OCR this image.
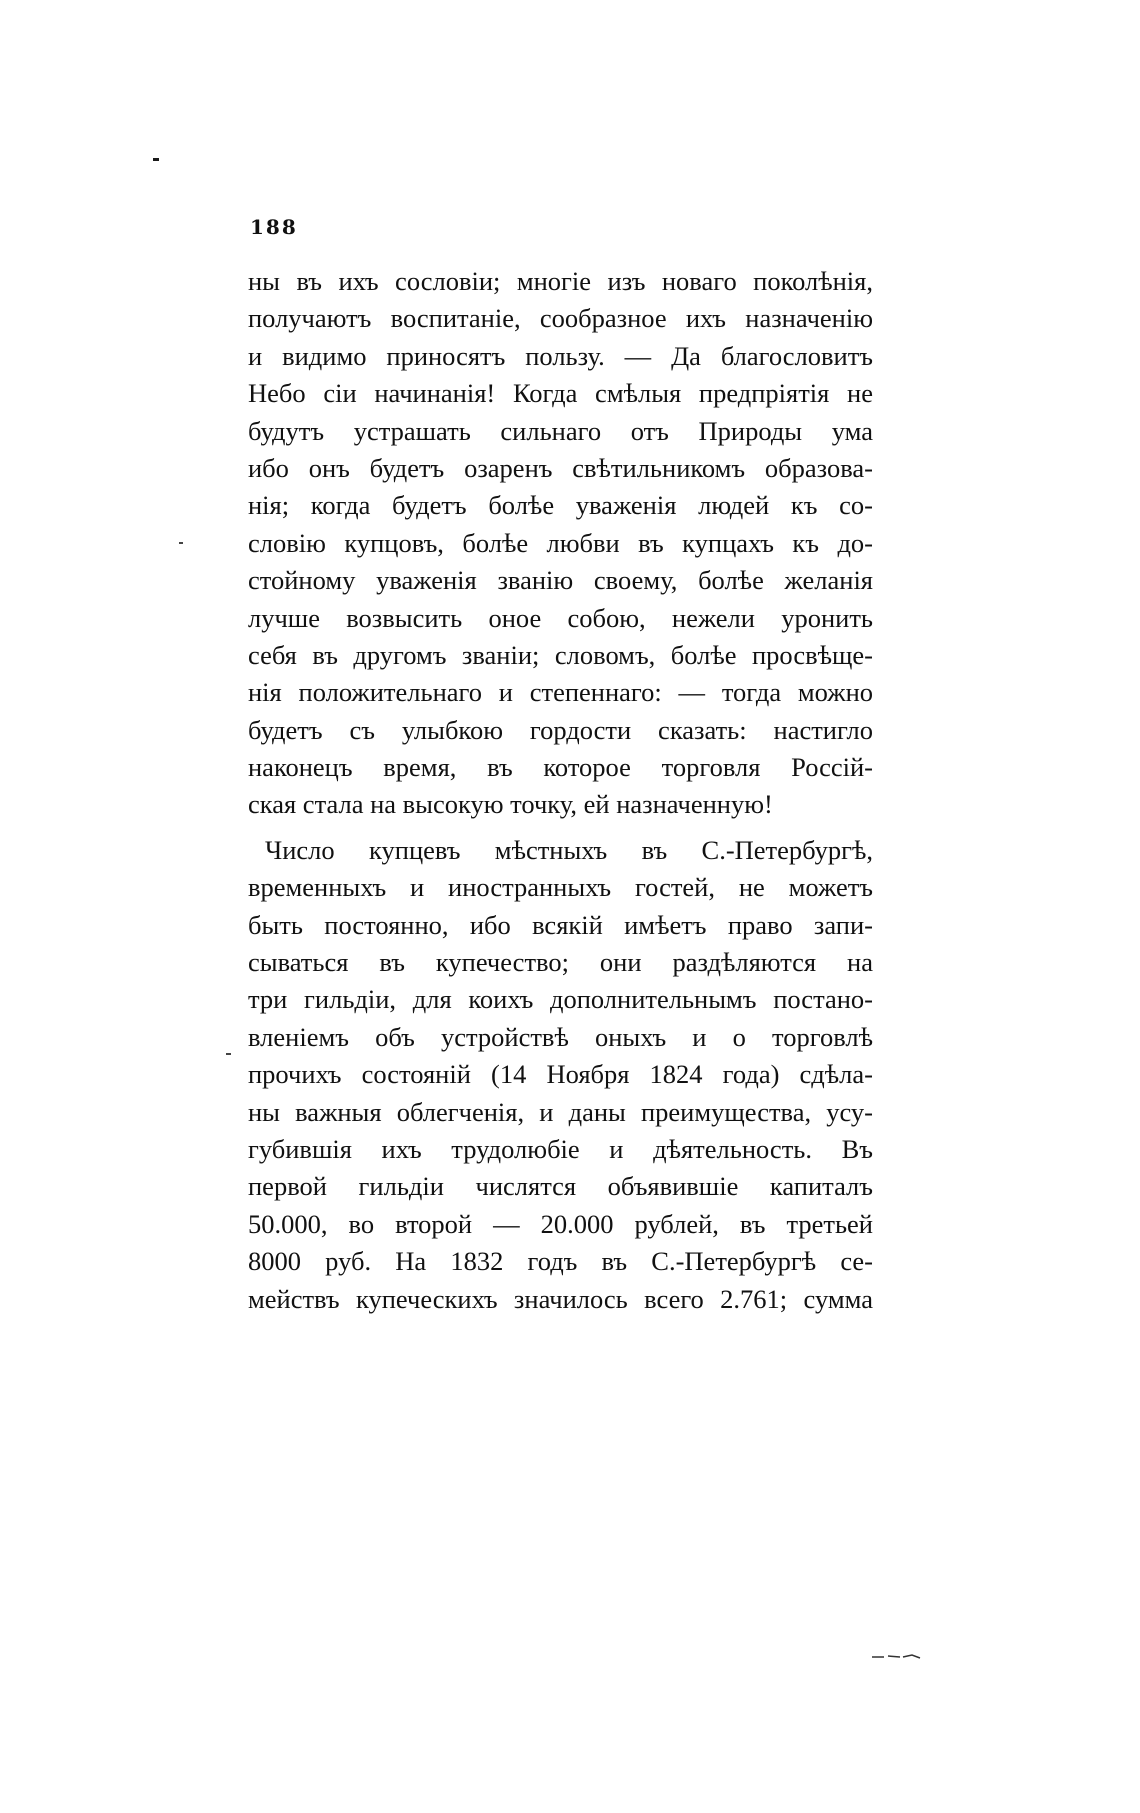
188
ны въ ихъ сословіи; многіе изъ новаго поколѣнія,
получаютъ воспитаніе, сообразное ихъ назначенію
и видимо приносятъ пользу. — Да благословитъ
Небо сіи начинанія! Когда смѣлыя предпріятія не
будутъ устрашать сильнаго отъ Природы ума
ибо онъ будетъ озаренъ свѣтильникомъ образова-
нія; когда будетъ болѣе уваженія людей къ со-
словію купцовъ, болѣе любви въ купцахъ къ до-
стойному уваженія званію своему, болѣе желанія
лучше возвысить оное собою, нежели уронить
себя въ другомъ званіи; словомъ, болѣе просвѣще-
нія положительнаго и степеннаго: — тогда можно
будетъ съ улыбкою гордости сказать: настигло
наконецъ время, въ которое торговля Россій-
ская стала на высокую точку, ей назначенную!
Число купцевъ мѣстныхъ въ С.-Петербургѣ,
временныхъ и иностранныхъ гостей, не можетъ
быть постоянно, ибо всякій имѣетъ право запи-
сываться въ купечество; они раздѣляются на
три гильдіи, для коихъ дополнительнымъ постано-
вленіемъ объ устройствѣ оныхъ и о торговлѣ
прочихъ состояній (14 Ноября 1824 года) сдѣла-
ны важныя облегченія, и даны преимущества, усу-
губившія ихъ трудолюбіе и дѣятельность. Въ
первой гильдіи числятся объявившіе капиталъ
50.000, во второй — 20.000 рублей, въ третьей
8000 руб. На 1832 годъ въ С.-Петербургѣ се-
мействъ купеческихъ значилось всего 2.761; сумма
